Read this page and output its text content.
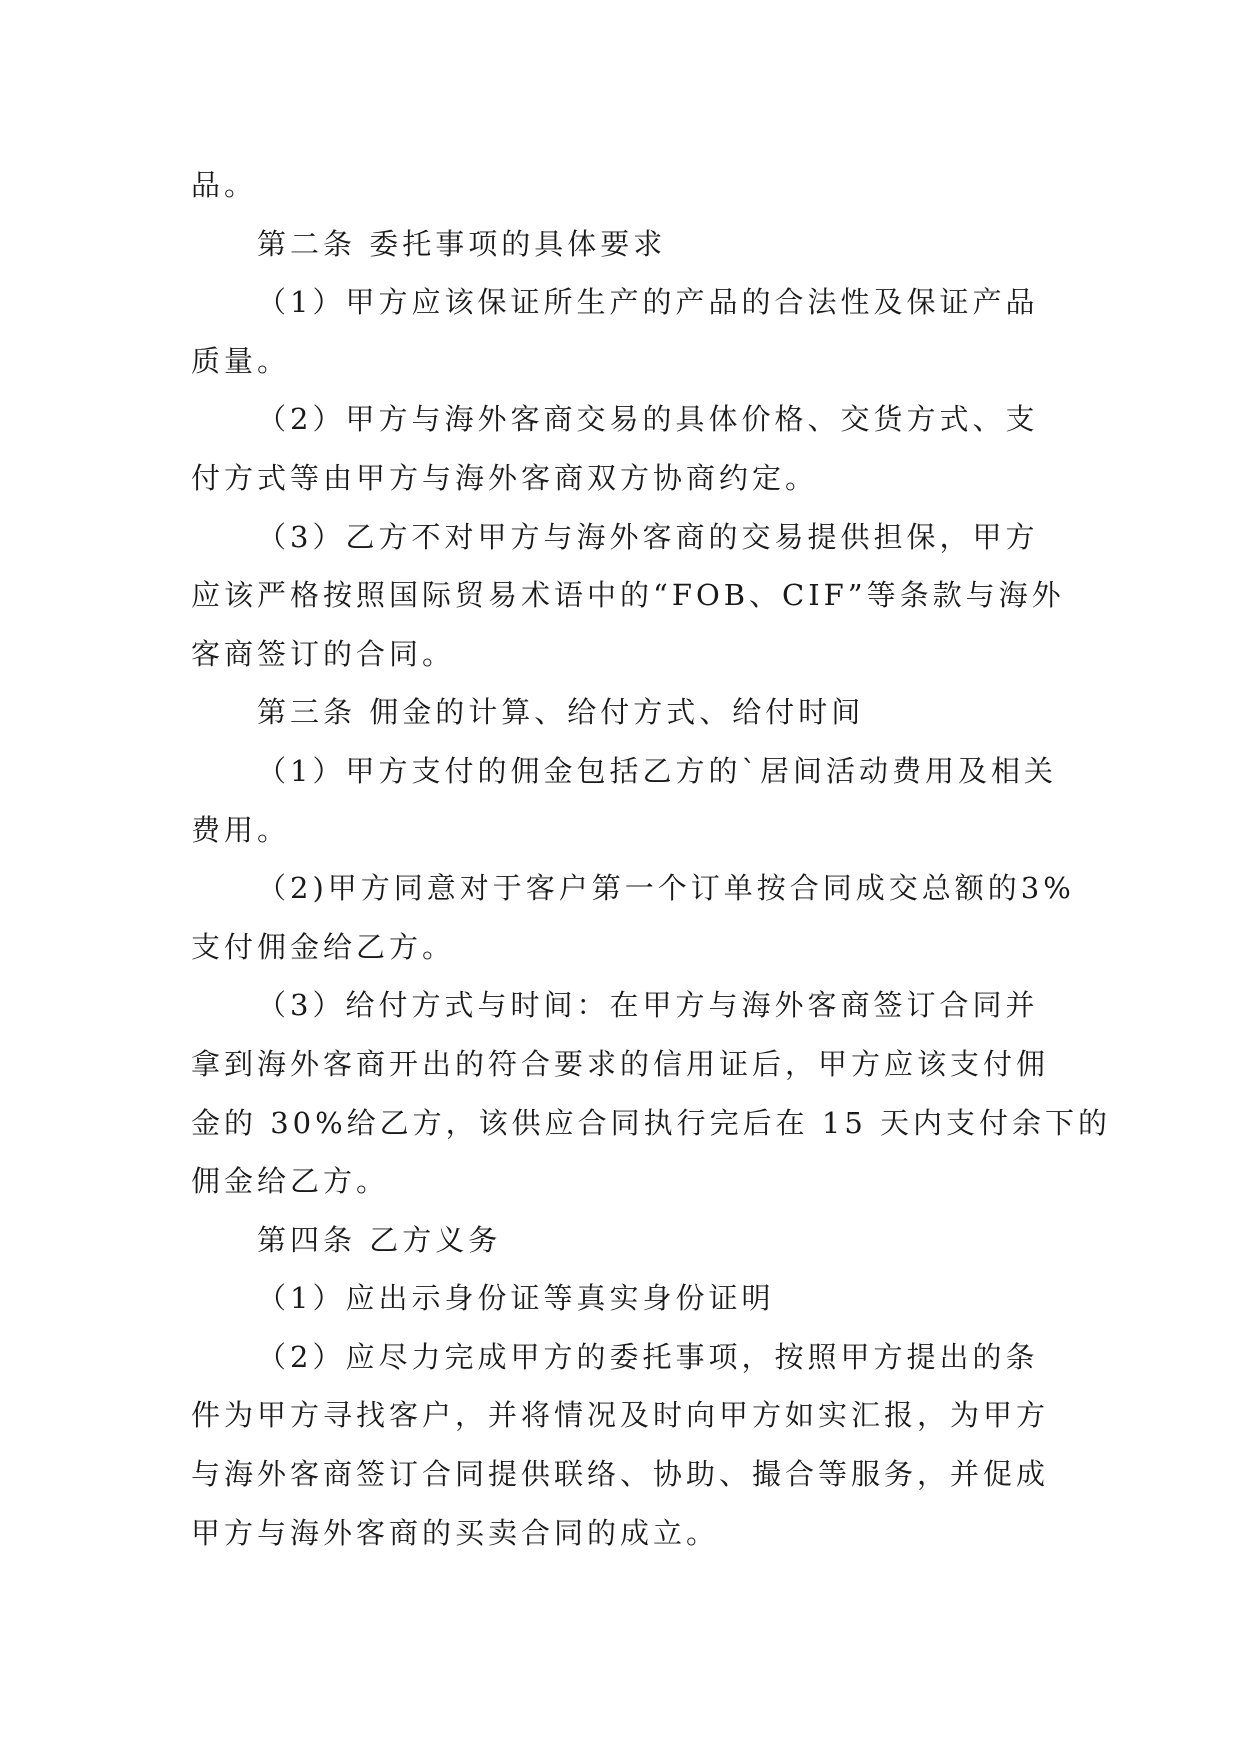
品。
第二条 委托事项的具体要求
（1）甲方应该保证所生产的产品的合法性及保证产品
质量。
（2）甲方与海外客商交易的具体价格、交货方式、支
付方式等由甲方与海外客商双方协商约定。
（3）乙方不对甲方与海外客商的交易提供担保，甲方
应该严格按照国际贸易术语中的“FOB、CIF”等条款与海外
客商签订的合同。
第三条 佣金的计算、给付方式、给付时间
（1）甲方支付的佣金包括乙方的`居间活动费用及相关
费用。
（2)甲方同意对于客户第一个订单按合同成交总额的3%
支付佣金给乙方。
（3）给付方式与时间：在甲方与海外客商签订合同并
拿到海外客商开出的符合要求的信用证后，甲方应该支付佣
金的 30%给乙方，该供应合同执行完后在 15 天内支付余下的
佣金给乙方。
第四条 乙方义务
（1）应出示身份证等真实身份证明
（2）应尽力完成甲方的委托事项，按照甲方提出的条
件为甲方寻找客户，并将情况及时向甲方如实汇报，为甲方
与海外客商签订合同提供联络、协助、撮合等服务，并促成
甲方与海外客商的买卖合同的成立。
